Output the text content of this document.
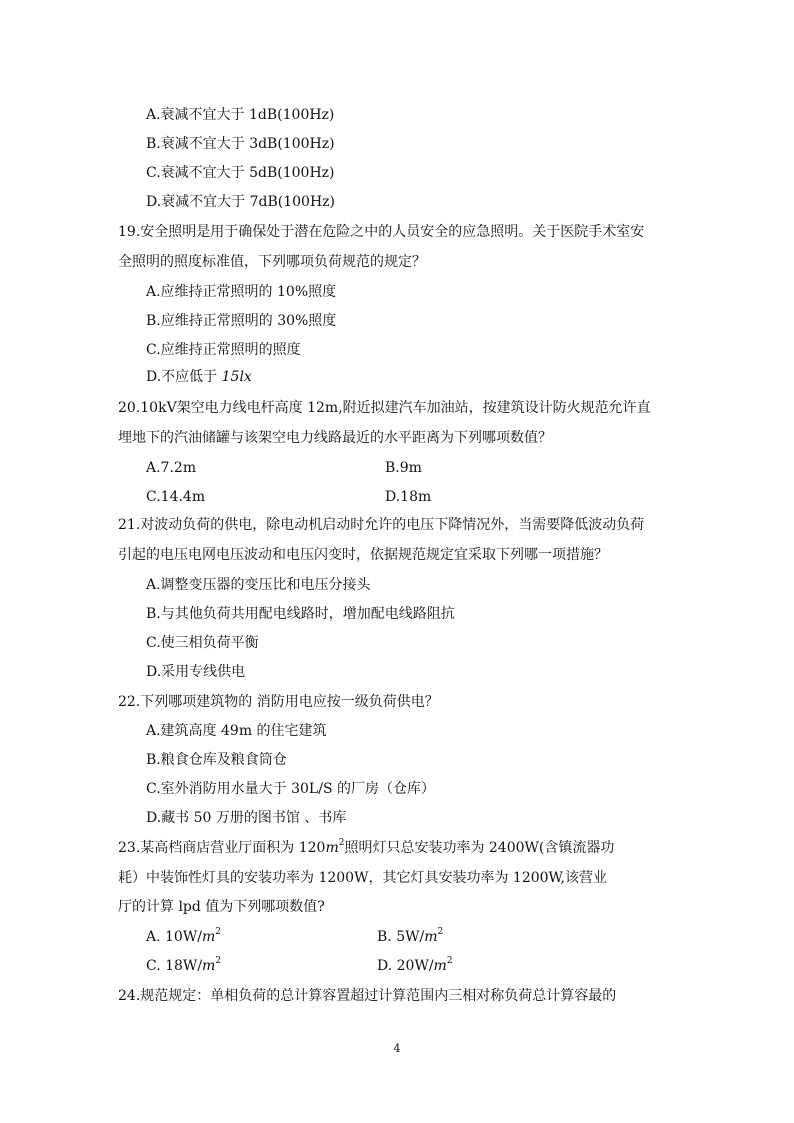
A.衰减不宜大于 1dB(100Hz)
B.衰减不宜大于 3dB(100Hz)
C.衰减不宜大于 5dB(100Hz)
D.衰减不宜大于 7dB(100Hz)
19.安全照明是用于确保处于潜在危险之中的人员安全的应急照明。关于医院手术室安
全照明的照度标准值，下列哪项负荷规范的规定？
A.应维持正常照明的 10%照度
B.应维持正常照明的 30%照度
C.应维持正常照明的照度
D.不应低于 15lx
20.10kV架空电力线电杆高度 12m,附近拟建汽车加油站，按建筑设计防火规范允许直
埋地下的汽油储罐与该架空电力线路最近的水平距离为下列哪项数值？
A.7.2m	B.9m
C.14.4m	D.18m
21.对波动负荷的供电，除电动机启动时允许的电压下降情况外，当需要降低波动负荷
引起的电压电网电压波动和电压闪变时，依据规范规定宜采取下列哪一项措施？
A.调整变压器的变压比和电压分接头
B.与其他负荷共用配电线路时，增加配电线路阻抗
C.使三相负荷平衡
D.采用专线供电
22.下列哪项建筑物的 消防用电应按一级负荷供电？
A.建筑高度 49m 的住宅建筑
B.粮食仓库及粮食筒仓
C.室外消防用水量大于 30L/S 的厂房（仓库）
D.藏书 50 万册的图书馆 、书库
23.某高档商店营业厅面积为 $120m^2$照明灯只总安装功率为 2400W(含镇流器功
耗）中装饰性灯具的安装功率为 1200W，其它灯具安装功率为 1200W,该营业
厅的计算 lpd 值为下列哪项数值?
A. $10W/m^2$	B. $5W/m^2$
C. $18W/m^2$	D. $20W/m^2$
24.规范规定：单相负荷的总计算容置超过计算范围内三相对称负荷总计算容最的
4
